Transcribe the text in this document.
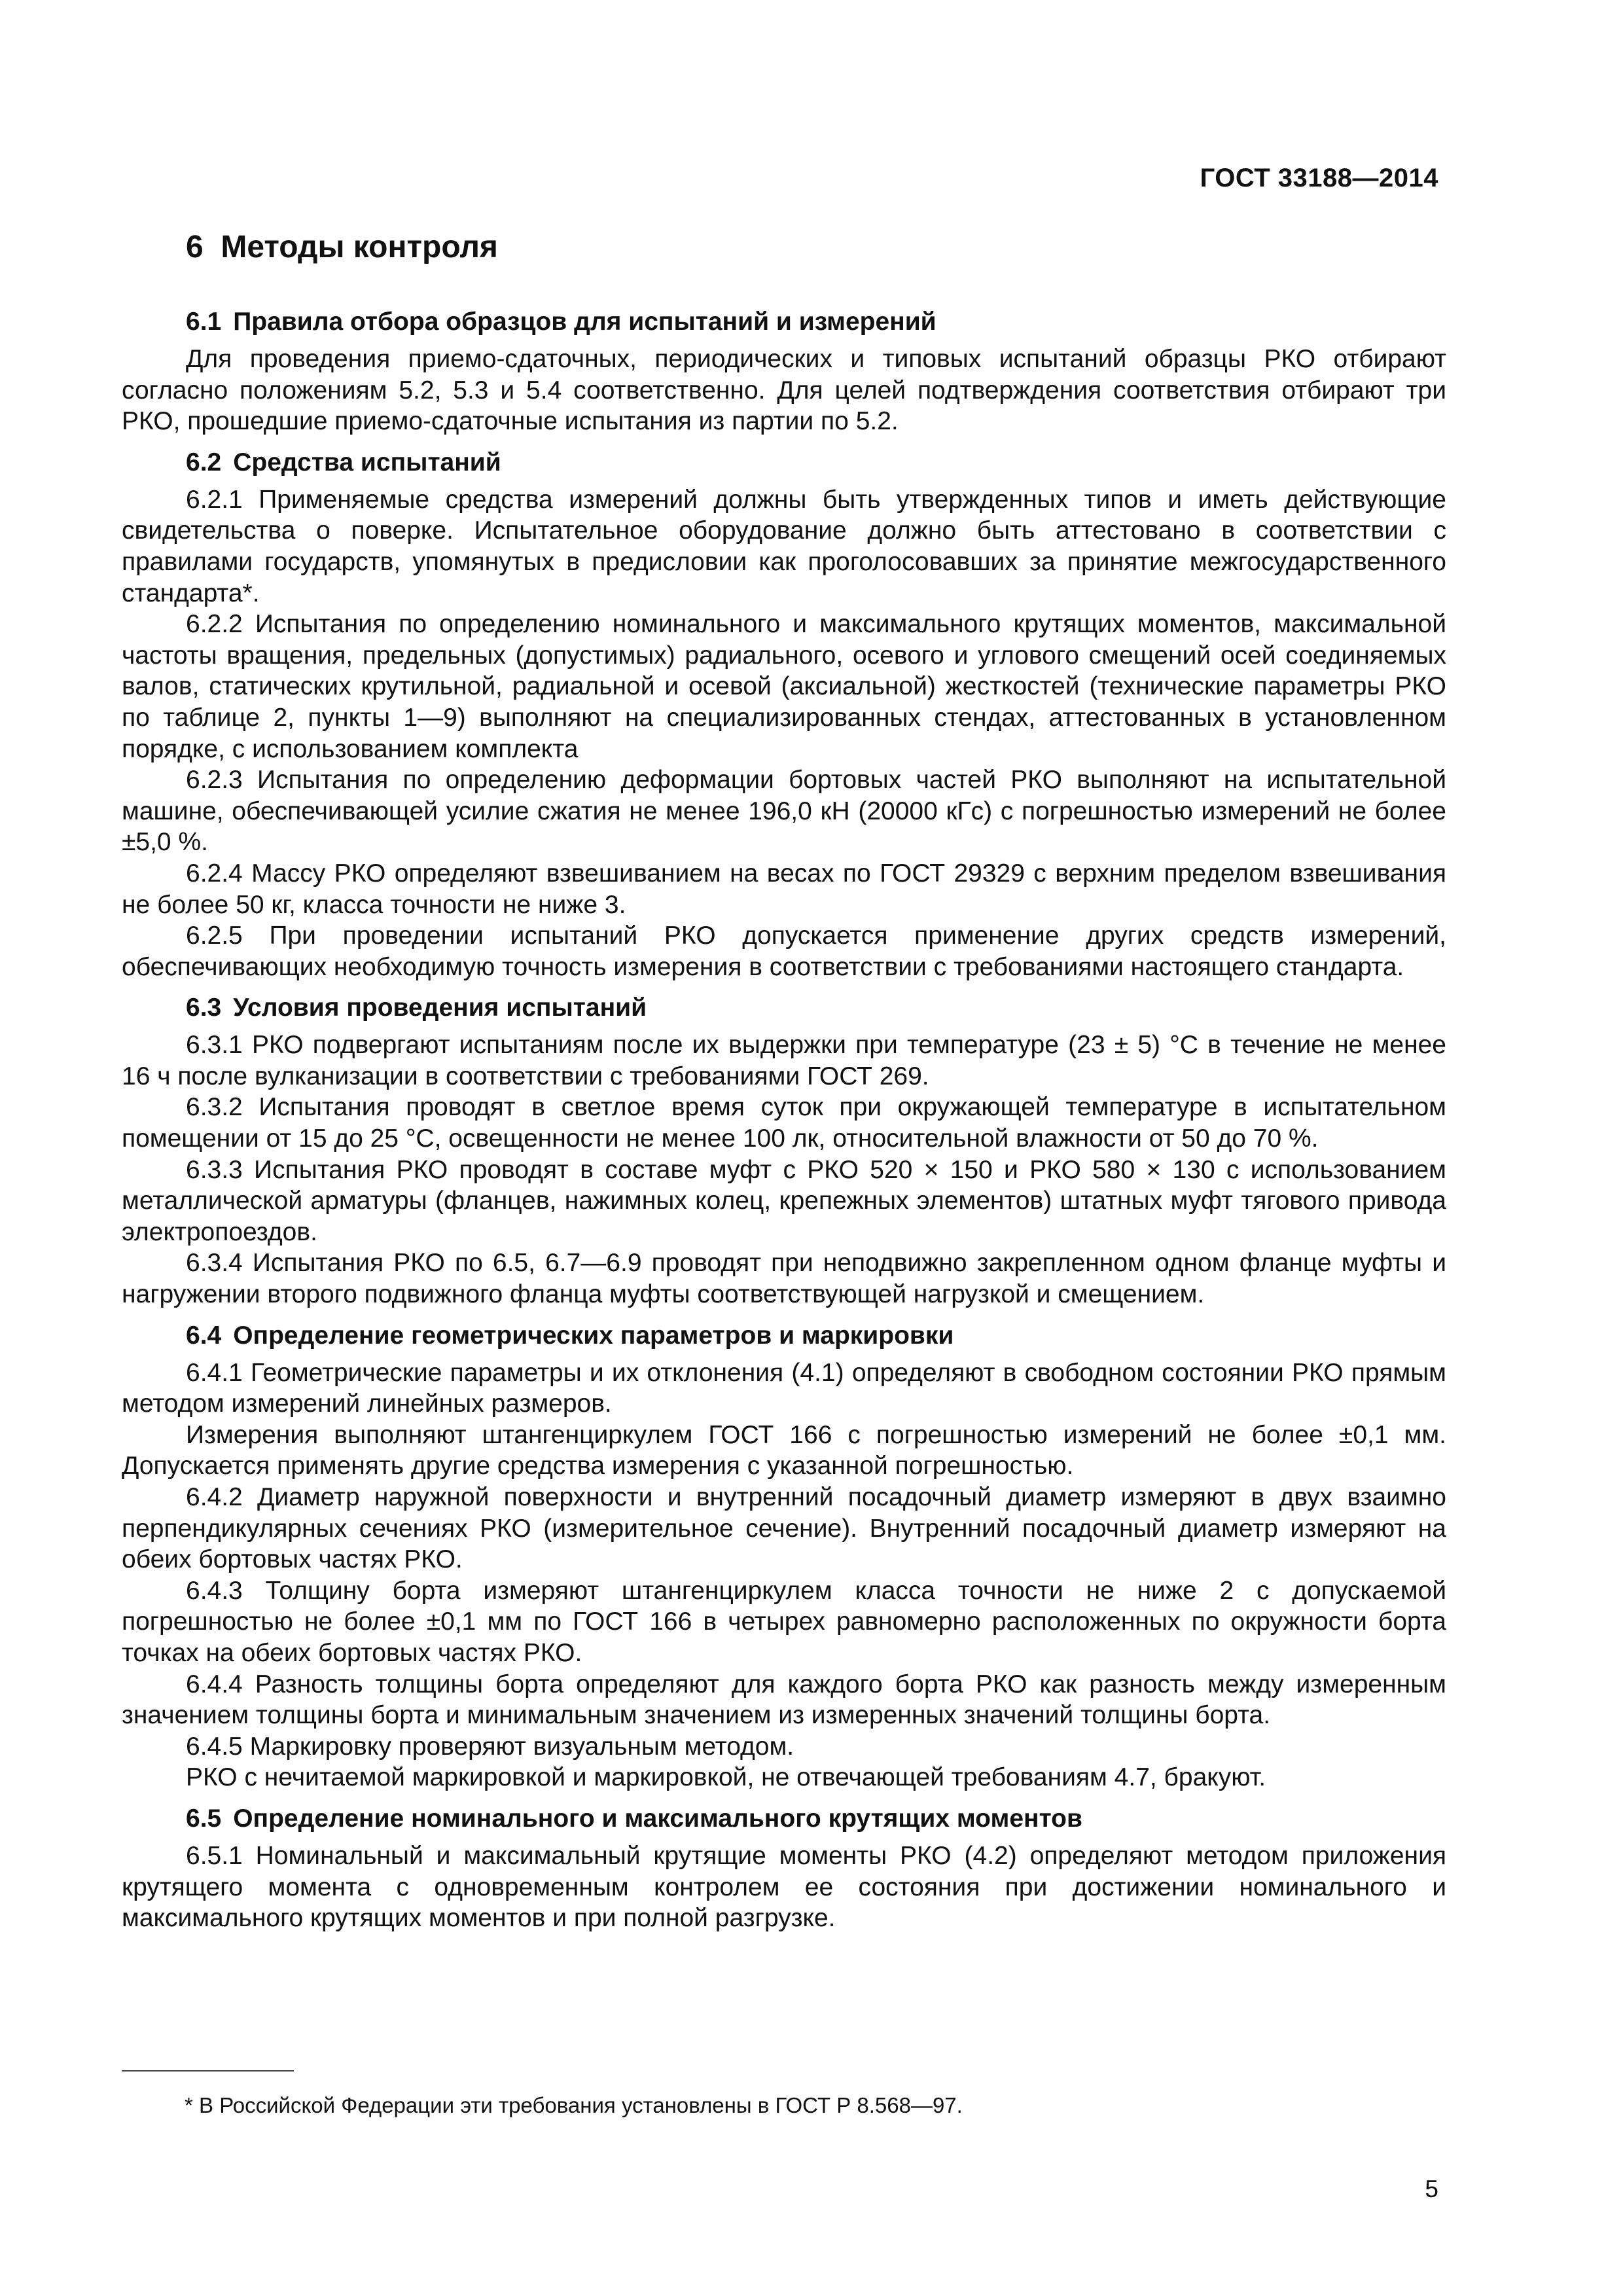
ГОСТ 33188—2014
6 Методы контроля
6.1 Правила отбора образцов для испытаний и измерений

Для проведения приемо-сдаточных, периодических и типовых испытаний образцы РКО отбирают согласно положениям 5.2, 5.3 и 5.4 соответственно. Для целей подтверждения соответствия отбирают три РКО, прошедшие приемо-сдаточные испытания из партии по 5.2.

6.2 Средства испытаний

6.2.1 Применяемые средства измерений должны быть утвержденных типов и иметь действующие свидетельства о поверке. Испытательное оборудование должно быть аттестовано в соответствии с правилами государств, упомянутых в предисловии как проголосовавших за принятие межгосударственного стандарта*.

6.2.2 Испытания по определению номинального и максимального крутящих моментов, максимальной частоты вращения, предельных (допустимых) радиального, осевого и углового смещений осей соединяемых валов, статических крутильной, радиальной и осевой (аксиальной) жесткостей (технические параметры РКО по таблице 2, пункты 1—9) выполняют на специализированных стендах, аттестованных в установленном порядке, с использованием комплекта

6.2.3 Испытания по определению деформации бортовых частей РКО выполняют на испытательной машине, обеспечивающей усилие сжатия не менее 196,0 кН (20000 кГс) с погрешностью измерений не более ±5,0 %.

6.2.4 Массу РКО определяют взвешиванием на весах по ГОСТ 29329 с верхним пределом взвешивания не более 50 кг, класса точности не ниже 3.

6.2.5 При проведении испытаний РКО допускается применение других средств измерений, обеспечивающих необходимую точность измерения в соответствии с требованиями настоящего стандарта.

6.3 Условия проведения испытаний

6.3.1 РКО подвергают испытаниям после их выдержки при температуре (23 ± 5) °С в течение не менее 16 ч после вулканизации в соответствии с требованиями ГОСТ 269.

6.3.2 Испытания проводят в светлое время суток при окружающей температуре в испытательном помещении от 15 до 25 °С, освещенности не менее 100 лк, относительной влажности от 50 до 70 %.

6.3.3 Испытания РКО проводят в составе муфт с РКО 520 × 150 и РКО 580 × 130 с использованием металлической арматуры (фланцев, нажимных колец, крепежных элементов) штатных муфт тягового привода электропоездов.

6.3.4 Испытания РКО по 6.5, 6.7—6.9 проводят при неподвижно закрепленном одном фланце муфты и нагружении второго подвижного фланца муфты соответствующей нагрузкой и смещением.

6.4 Определение геометрических параметров и маркировки

6.4.1 Геометрические параметры и их отклонения (4.1) определяют в свободном состоянии РКО прямым методом измерений линейных размеров.

Измерения выполняют штангенциркулем ГОСТ 166 с погрешностью измерений не более ±0,1 мм. Допускается применять другие средства измерения с указанной погрешностью.

6.4.2 Диаметр наружной поверхности и внутренний посадочный диаметр измеряют в двух взаимно перпендикулярных сечениях РКО (измерительное сечение). Внутренний посадочный диаметр измеряют на обеих бортовых частях РКО.

6.4.3 Толщину борта измеряют штангенциркулем класса точности не ниже 2 с допускаемой погрешностью не более ±0,1 мм по ГОСТ 166 в четырех равномерно расположенных по окружности борта точках на обеих бортовых частях РКО.

6.4.4 Разность толщины борта определяют для каждого борта РКО как разность между измеренным значением толщины борта и минимальным значением из измеренных значений толщины борта.

6.4.5 Маркировку проверяют визуальным методом.

РКО с нечитаемой маркировкой и маркировкой, не отвечающей требованиям 4.7, бракуют.

6.5 Определение номинального и максимального крутящих моментов

6.5.1 Номинальный и максимальный крутящие моменты РКО (4.2) определяют методом приложения крутящего момента с одновременным контролем ее состояния при достижении номинального и максимального крутящих моментов и при полной разгрузке.

* В Российской Федерации эти требования установлены в ГОСТ Р 8.568—97.
5
